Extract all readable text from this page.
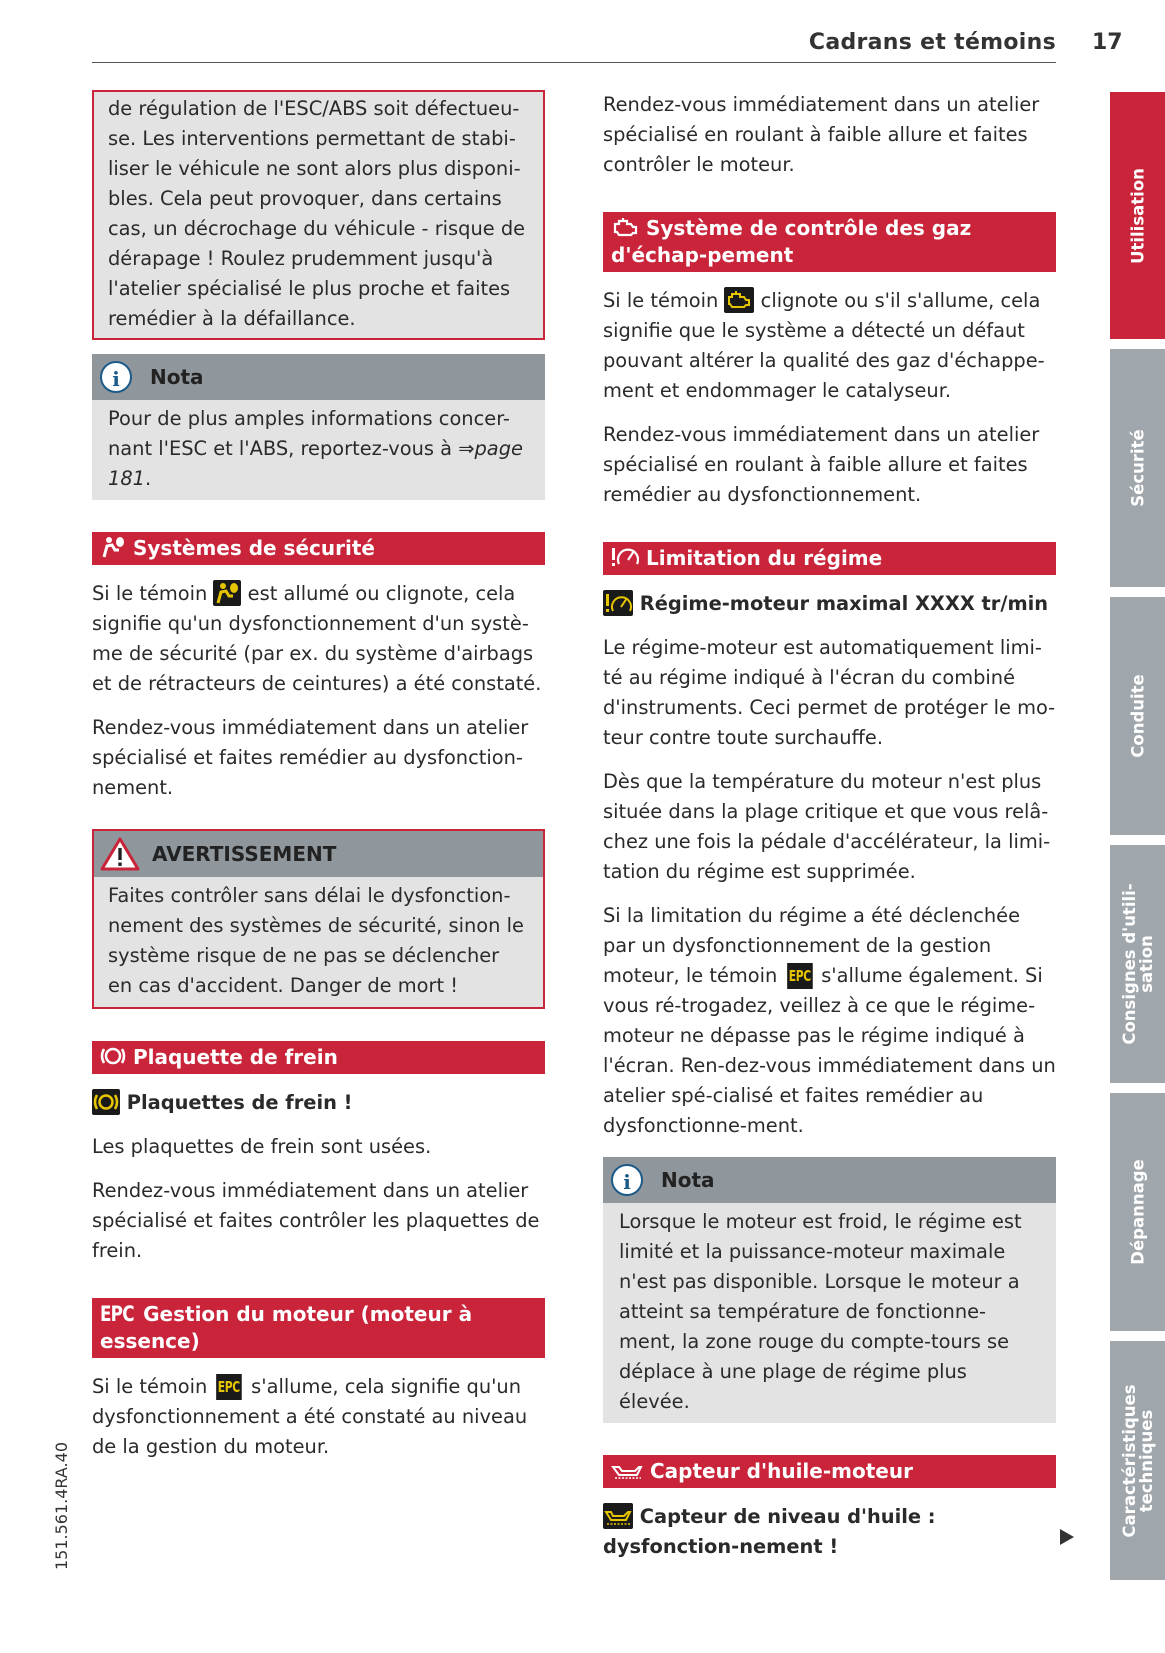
Cadrans et témoins 17

de régulation de l'ESC/ABS soit défectueu-se. Les interventions permettant de stabi-liser le véhicule ne sont alors plus disponi-bles. Cela peut provoquer, dans certains cas, un décrochage du véhicule - risque de dérapage ! Roulez prudemment jusqu'à l'atelier spécialisé le plus proche et faites remédier à la défaillance.

i	Nota
Pour de plus amples informations concer-nant l'ESC et l'ABS, reportez-vous à ⇒page 181.
Systèmes de sécurité

Si le témoin est allumé ou clignote, cela signifie qu'un dysfonctionnement d'un systè-me de sécurité (par ex. du système d'airbags et de rétracteurs de ceintures) a été constaté.

Rendez-vous immédiatement dans un atelier spécialisé et faites remédier au dysfonction-nement.

AVERTISSEMENT
Faites contrôler sans délai le dysfonction-nement des systèmes de sécurité, sinon le système risque de ne pas se déclencher en cas d'accident. Danger de mort !
Plaquette de frein
Plaquettes de frein !

Les plaquettes de frein sont usées.

Rendez-vous immédiatement dans un atelier spécialisé et faites contrôler les plaquettes de frein.

EPC Gestion du moteur (moteur à essence)

Si le témoin EPC s'allume, cela signifie qu'un dysfonctionnement a été constaté au niveau de la gestion du moteur.

Rendez-vous immédiatement dans un atelier spécialisé en roulant à faible allure et faites contrôler le moteur.

Système de contrôle des gaz d'échap-pement

Si le témoin clignote ou s'il s'allume, cela signifie que le système a détecté un défaut pouvant altérer la qualité des gaz d'échappe-ment et endommager le catalyseur.

Rendez-vous immédiatement dans un atelier spécialisé en roulant à faible allure et faites remédier au dysfonctionnement.

Limitation du régime
Régime-moteur maximal XXXX tr/min

Le régime-moteur est automatiquement limi-té au régime indiqué à l'écran du combiné d'instruments. Ceci permet de protéger le mo-teur contre toute surchauffe.

Dès que la température du moteur n'est plus située dans la plage critique et que vous relâ-chez une fois la pédale d'accélérateur, la limi-tation du régime est supprimée.

Si la limitation du régime a été déclenchée par un dysfonctionnement de la gestion moteur, le témoin EPC s'allume également. Si vous ré-trogadez, veillez à ce que le régime-moteur ne dépasse pas le régime indiqué à l'écran. Ren-dez-vous immédiatement dans un atelier spé-cialisé et faites remédier au dysfonctionne-ment.

i	Nota
Lorsque le moteur est froid, le régime est limité et la puissance-moteur maximale n'est pas disponible. Lorsque le moteur a atteint sa température de fonctionne-ment, la zone rouge du compte-tours se déplace à une plage de régime plus élevée.
Capteur d'huile-moteur
Capteur de niveau d'huile : dysfonction-nement !
Utilisation
Sécurité
Conduite
Consignes d'utili- sation
Dépannage
Caractéristiques techniques
151.561.4RA.40
